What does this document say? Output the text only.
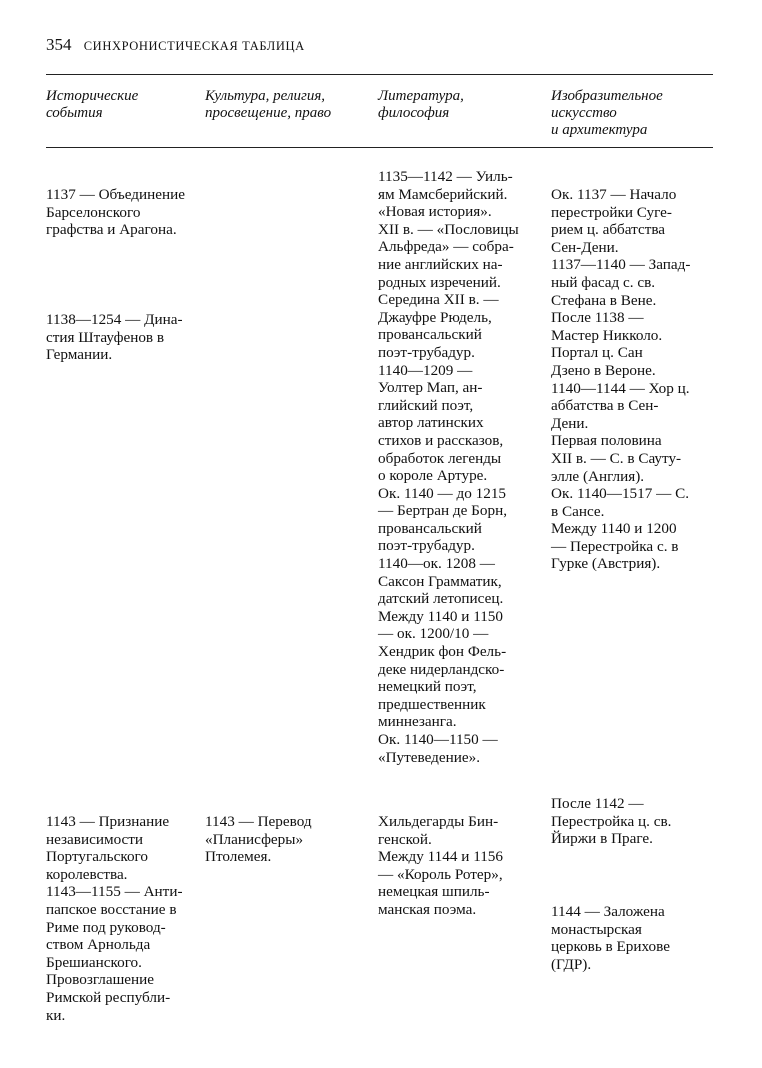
354 СИНХРОНИСТИЧЕСКАЯ ТАБЛИЦА
Исторические
события
Культура, религия,
просвещение, право
Литература,
философия
Изобразительное
искусство
и архитектура
1137 — Объединение
Барселонского
графства и Арагона.
1138—1254 — Дина-
стия Штауфенов в
Германии.
1135—1142 — Уиль-
ям Мамсберийский.
«Новая история».
XII в. — «Пословицы
Альфреда» — собра-
ние английских на-
родных изречений.
Середина XII в. —
Джауфре Рюдель,
провансальский
поэт-трубадур.
1140—1209 —
Уолтер Мап, ан-
глийский поэт,
автор латинских
стихов и рассказов,
обработок легенды
о короле Артуре.
Ок. 1140 — до 1215
— Бертран де Борн,
провансальский
поэт-трубадур.
1140—ок. 1208 —
Саксон Грамматик,
датский летописец.
Между 1140 и 1150
— ок. 1200/10 —
Хендрик фон Фель-
деке нидерландско-
немецкий поэт,
предшественник
миннезанга.
Ок. 1140—1150 —
«Путеведение».
Ок. 1137 — Начало
перестройки Суге-
рием ц. аббатства
Сен-Дени.
1137—1140 — Запад-
ный фасад с. св.
Стефана в Вене.
После 1138 —
Мастер Никколо.
Портал ц. Сан
Дзено в Вероне.
1140—1144 — Хор ц.
аббатства в Сен-
Дени.
Первая половина
XII в. — С. в Сауту-
элле (Англия).
Ок. 1140—1517 — С.
в Сансе.
Между 1140 и 1200
— Перестройка с. в
Гурке (Австрия).
1143 — Признание
независимости
Португальского
королевства.
1143—1155 — Анти-
папское восстание в
Риме под руковод-
ством Арнольда
Брешианского.
Провозглашение
Римской республи-
ки.
1143 — Перевод
«Планисферы»
Птолемея.
Хильдегарды Бин-
генской.
Между 1144 и 1156
— «Король Ротер»,
немецкая шпиль-
манская поэма.
После 1142 —
Перестройка ц. св.
Йиржи в Праге.
1144 — Заложена
монастырская
церковь в Ерихове
(ГДР).
